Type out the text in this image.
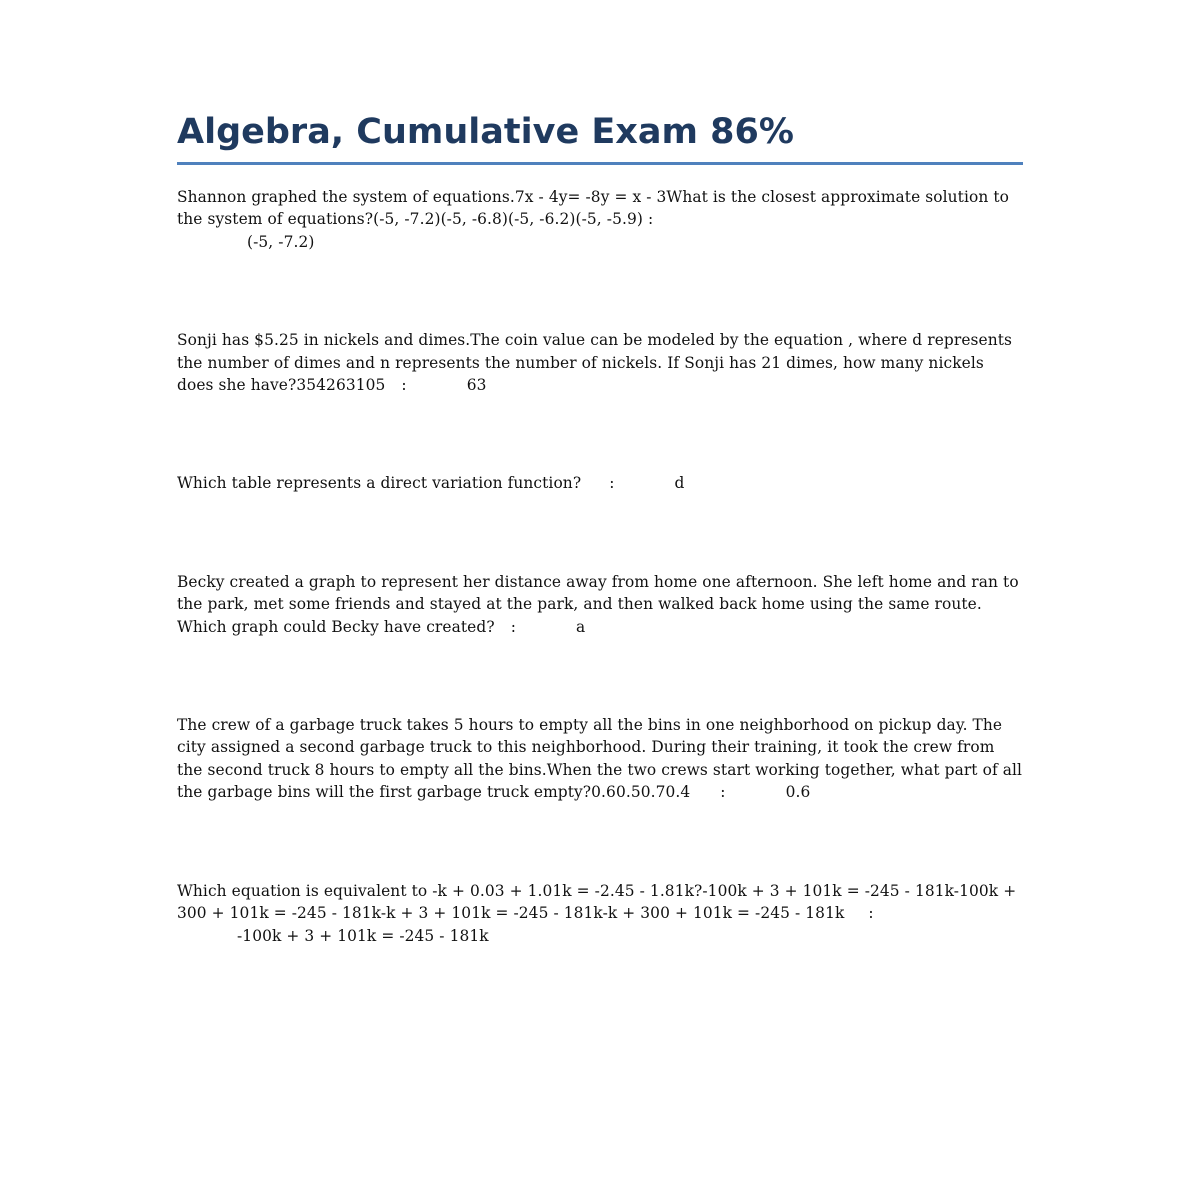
Algebra, Cumulative Exam 86%

Shannon graphed the system of equations.7x - 4y= -8y = x - 3What is the closest approximate solution to the system of equations?(-5, -7.2)(-5, -6.8)(-5, -6.2)(-5, -5.9) :
(-5, -7.2)

Sonji has $5.25 in nickels and dimes.The coin value can be modeled by the equation , where d represents the number of dimes and n represents the number of nickels. If Sonji has 21 dimes, how many nickels does she have?354263105 :	63

Which table represents a direct variation function? :	d

Becky created a graph to represent her distance away from home one afternoon. She left home and ran to the park, met some friends and stayed at the park, and then walked back home using the same route. Which graph could Becky have created? :	a

The crew of a garbage truck takes 5 hours to empty all the bins in one neighborhood on pickup day. The city assigned a second garbage truck to this neighborhood. During their training, it took the crew from the second truck 8 hours to empty all the bins.When the two crews start working together, what part of all the garbage bins will the first garbage truck empty?0.60.50.70.4 :	0.6

Which equation is equivalent to -k + 0.03 + 1.01k = -2.45 - 1.81k?-100k + 3 + 101k = -245 - 181k-100k + 300 + 101k = -245 - 181k-k + 3 + 101k = -245 - 181k-k + 300 + 101k = -245 - 181k :-100k + 3 + 101k = -245 - 181k
